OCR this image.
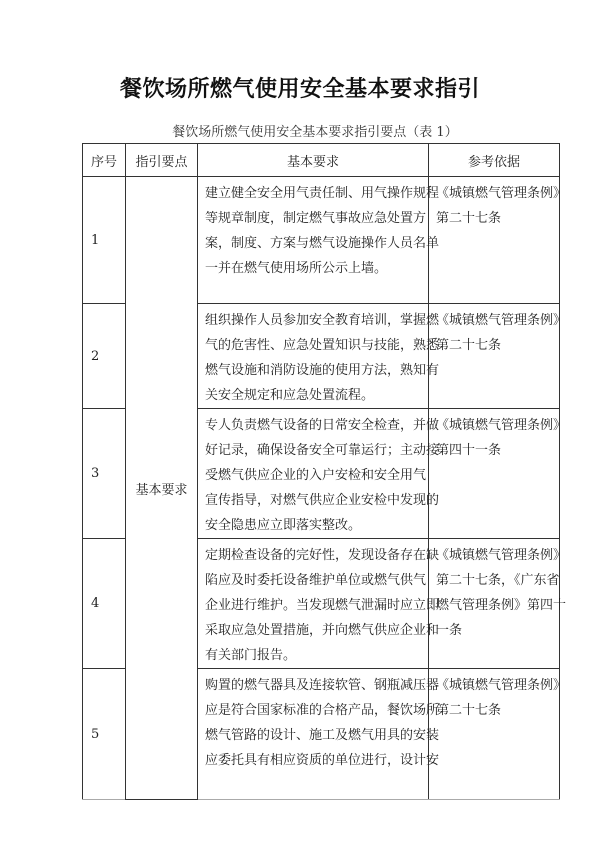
餐饮场所燃气使用安全基本要求指引
餐饮场所燃气使用安全基本要求指引要点（表 1）
序号	指引要点	基本要求	参考依据
1	基本要求	建立健全安全用气责任制、用气操作规程
等规章制度，制定燃气事故应急处置方
案，制度、方案与燃气设施操作人员名单
一并在燃气使用场所公示上墙。	《城镇燃气管理条例》
第二十七条

2		组织操作人员参加安全教育培训，掌握燃
气的危害性、应急处置知识与技能，熟悉
燃气设施和消防设施的使用方法，熟知有
关安全规定和应急处置流程。	《城镇燃气管理条例》
第二十七条

3		专人负责燃气设备的日常安全检查，并做
好记录，确保设备安全可靠运行；主动接
受燃气供应企业的入户安检和安全用气
宣传指导，对燃气供应企业安检中发现的
安全隐患应立即落实整改。	《城镇燃气管理条例》
第四十一条

4		定期检查设备的完好性，发现设备存在缺
陷应及时委托设备维护单位或燃气供气
企业进行维护。当发现燃气泄漏时应立即
采取应急处置措施，并向燃气供应企业和
有关部门报告。	《城镇燃气管理条例》
第二十七条，《广东省
燃气管理条例》第四十
一条

5		购置的燃气器具及连接软管、钢瓶减压器
应是符合国家标准的合格产品，餐饮场所
燃气管路的设计、施工及燃气用具的安装
应委托具有相应资质的单位进行，设计安	《城镇燃气管理条例》
第二十七条
